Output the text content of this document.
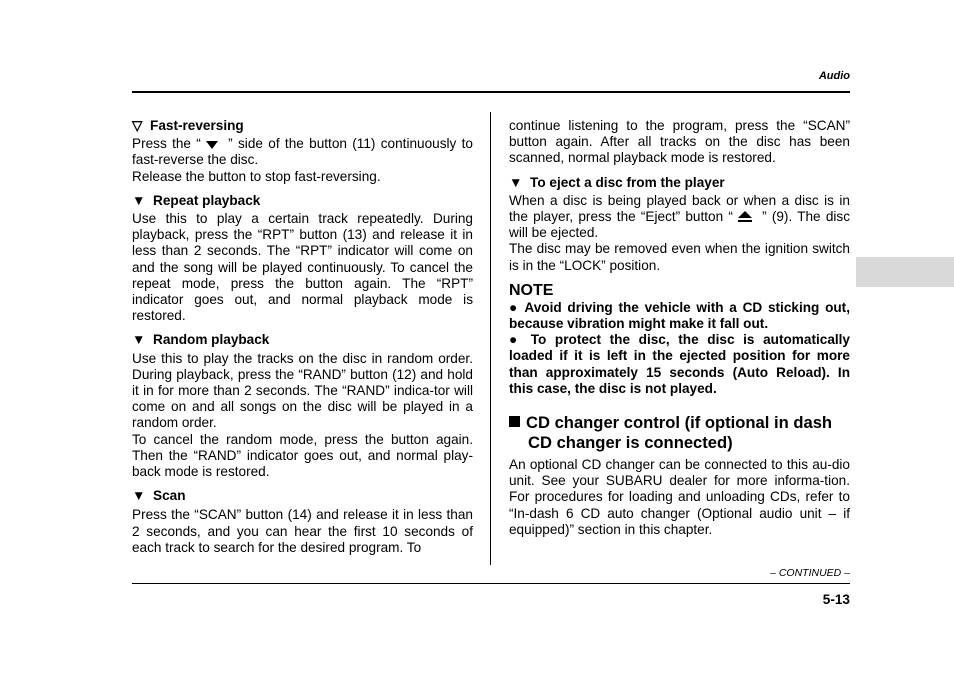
Audio

▽ Fast-reversing

Press the “ ” side of the button (11) continuously to fast-reverse the disc.

Release the button to stop fast-reversing.

▼ Repeat playback

Use this to play a certain track repeatedly. During playback, press the “RPT” button (13) and release it in less than 2 seconds. The “RPT” indicator will come on and the song will be played continuously. To cancel the repeat mode, press the button again. The “RPT” indicator goes out, and normal playback mode is restored.

▼ Random playback

Use this to play the tracks on the disc in random order. During playback, press the “RAND” button (12) and hold it in for more than 2 seconds. The “RAND” indica-tor will come on and all songs on the disc will be played in a random order.

To cancel the random mode, press the button again. Then the “RAND” indicator goes out, and normal play-back mode is restored.

▼ Scan

Press the “SCAN” button (14) and release it in less than 2 seconds, and you can hear the first 10 seconds of each track to search for the desired program. To

continue listening to the program, press the “SCAN” button again. After all tracks on the disc has been scanned, normal playback mode is restored.

▼ To eject a disc from the player

When a disc is being played back or when a disc is in the player, press the “Eject” button “ ” (9). The disc will be ejected.

The disc may be removed even when the ignition switch is in the “LOCK” position.

NOTE

● Avoid driving the vehicle with a CD sticking out, because vibration might make it fall out.

● To protect the disc, the disc is automatically loaded if it is left in the ejected position for more than approximately 15 seconds (Auto Reload). In this case, the disc is not played.

CD changer control (if optional in dash
CD changer is connected)

An optional CD changer can be connected to this au-dio unit. See your SUBARU dealer for more informa-tion. For procedures for loading and unloading CDs, refer to “In-dash 6 CD auto changer (Optional audio unit – if equipped)” section in this chapter.

– CONTINUED –
5-13
